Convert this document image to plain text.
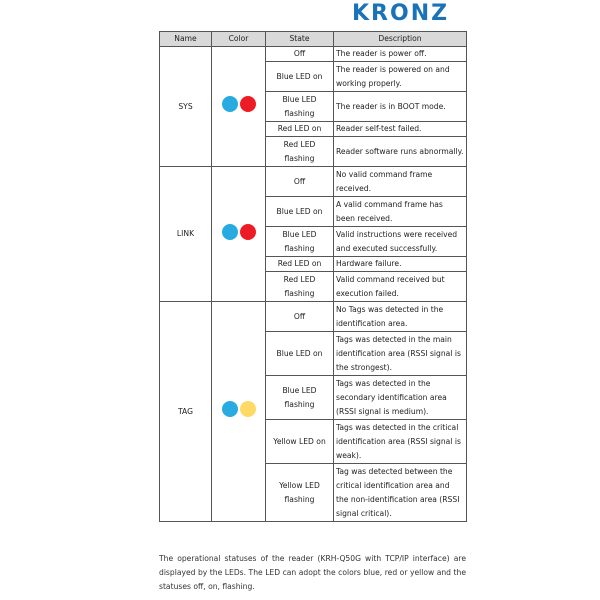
KRONZ
Name	Color	State	Description
SYS		Off	The reader is power off.
		Blue LED on	The reader is powered on and working properly.
		Blue LED flashing	The reader is in BOOT mode.
		Red LED on	Reader self-test failed.
		Red LED flashing	Reader software runs abnormally.
LINK		Off	No valid command frame received.
		Blue LED on	A valid command frame has been received.
		Blue LED flashing	Valid instructions were received and executed successfully.
		Red LED on	Hardware failure.
		Red LED flashing	Valid command received but execution failed.
TAG		Off	No Tags was detected in the identification area.
		Blue LED on	Tags was detected in the main identification area (RSSI signal is the strongest).
		Blue LED flashing	Tags was detected in the secondary identification area (RSSI signal is medium).
		Yellow LED on	Tags was detected in the critical identification area (RSSI signal is weak).
		Yellow LED flashing	Tag was detected between the critical identification area and the non-identification area (RSSI signal critical).
The operational statuses of the reader (KRH-Q50G with TCP/IP interface) are displayed by the LEDs. The LED can adopt the colors blue, red or yellow and the statuses off, on, flashing.
